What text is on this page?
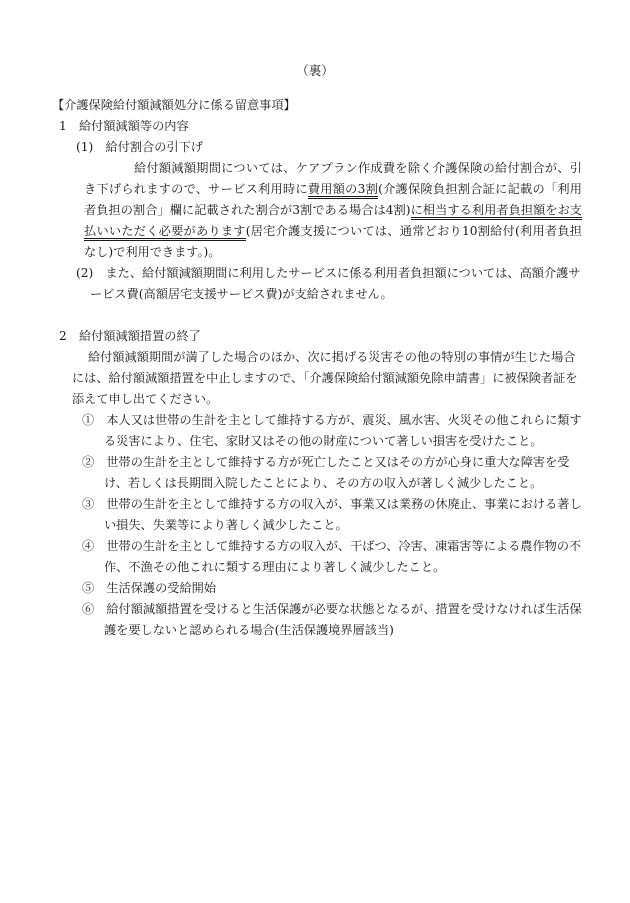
（裏）

【介護保険給付額減額処分に係る留意事項】

1　給付額減額等の内容

(1)　給付割合の引下げ

給付額減額期間については、ケアプラン作成費を除く介護保険の給付割合が、引き下げられますので、サービス利用時に費用額の3割(介護保険負担割合証に記載の「利用者負担の割合」欄に記載された割合が3割である場合は4割)に相当する利用者負担額をお支払いいただく必要があります(居宅介護支援については、通常どおり10割給付(利用者負担なし)で利用できます。)。

(2)　また、給付額減額期間に利用したサービスに係る利用者負担額については、高額介護サービス費(高額居宅支援サービス費)が支給されません。

2　給付額減額措置の終了

給付額減額期間が満了した場合のほか、次に掲げる災害その他の特別の事情が生じた場合には、給付額減額措置を中止しますので、「介護保険給付額減額免除申請書」に被保険者証を添えて申し出てください。

①　本人又は世帯の生計を主として維持する方が、震災、風水害、火災その他これらに類する災害により、住宅、家財又はその他の財産について著しい損害を受けたこと。

②　世帯の生計を主として維持する方が死亡したこと又はその方が心身に重大な障害を受け、若しくは長期間入院したことにより、その方の収入が著しく減少したこと。

③　世帯の生計を主として維持する方の収入が、事業又は業務の休廃止、事業における著しい損失、失業等により著しく減少したこと。

④　世帯の生計を主として維持する方の収入が、干ばつ、冷害、凍霜害等による農作物の不作、不漁その他これに類する理由により著しく減少したこと。

⑤　生活保護の受給開始

⑥　給付額減額措置を受けると生活保護が必要な状態となるが、措置を受けなければ生活保護を要しないと認められる場合(生活保護境界層該当)
